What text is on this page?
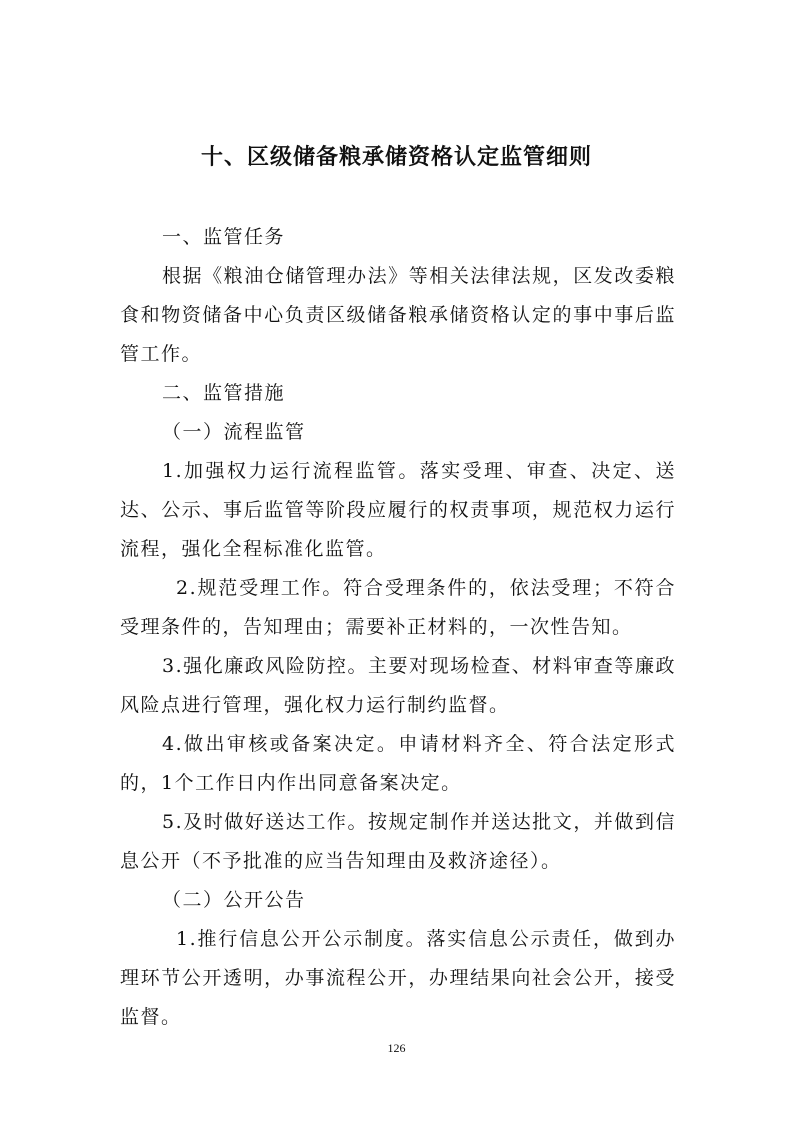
十、区级储备粮承储资格认定监管细则

一、监管任务

根据《粮油仓储管理办法》等相关法律法规，区发改委粮食和物资储备中心负责区级储备粮承储资格认定的事中事后监管工作。

二、监管措施

（一）流程监管

1.加强权力运行流程监管。落实受理、审查、决定、送达、公示、事后监管等阶段应履行的权责事项，规范权力运行流程，强化全程标准化监管。

2.规范受理工作。符合受理条件的，依法受理；不符合受理条件的，告知理由；需要补正材料的，一次性告知。

3.强化廉政风险防控。主要对现场检查、材料审查等廉政风险点进行管理，强化权力运行制约监督。

4.做出审核或备案决定。申请材料齐全、符合法定形式的，1个工作日内作出同意备案决定。

5.及时做好送达工作。按规定制作并送达批文，并做到信息公开（不予批准的应当告知理由及救济途径）。

（二）公开公告

1.推行信息公开公示制度。落实信息公示责任，做到办理环节公开透明，办事流程公开，办理结果向社会公开，接受监督。

126
